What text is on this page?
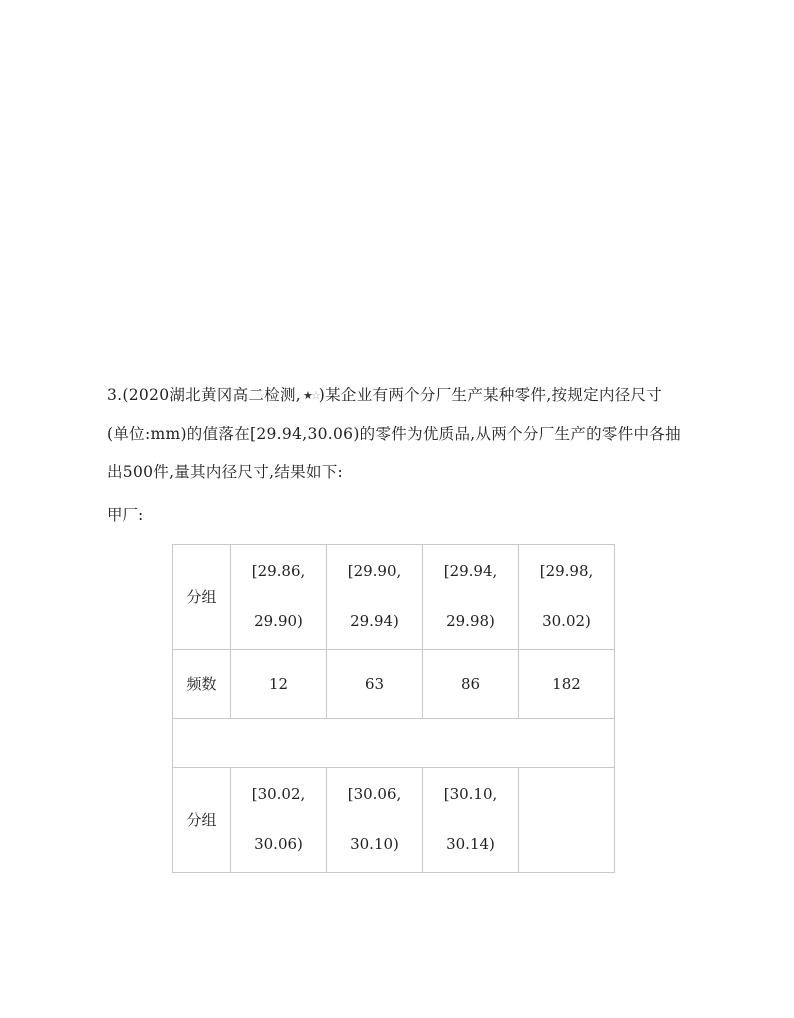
3.(2020湖北黄冈高二检测, ★☆)某企业有两个分厂生产某种零件,按规定内径尺寸

(单位:mm)的值落在[29.94,30.06)的零件为优质品,从两个分厂生产的零件中各抽

出500件,量其内径尺寸,结果如下:

甲厂:
分组	[29.86,
29.90)	[29.90,
29.94)	[29.94,
29.98)	[29.98,
30.02)

频数	12	63	86	182

分组	[30.02,
30.06)	[30.06,
30.10)	[30.10,
30.14)	
